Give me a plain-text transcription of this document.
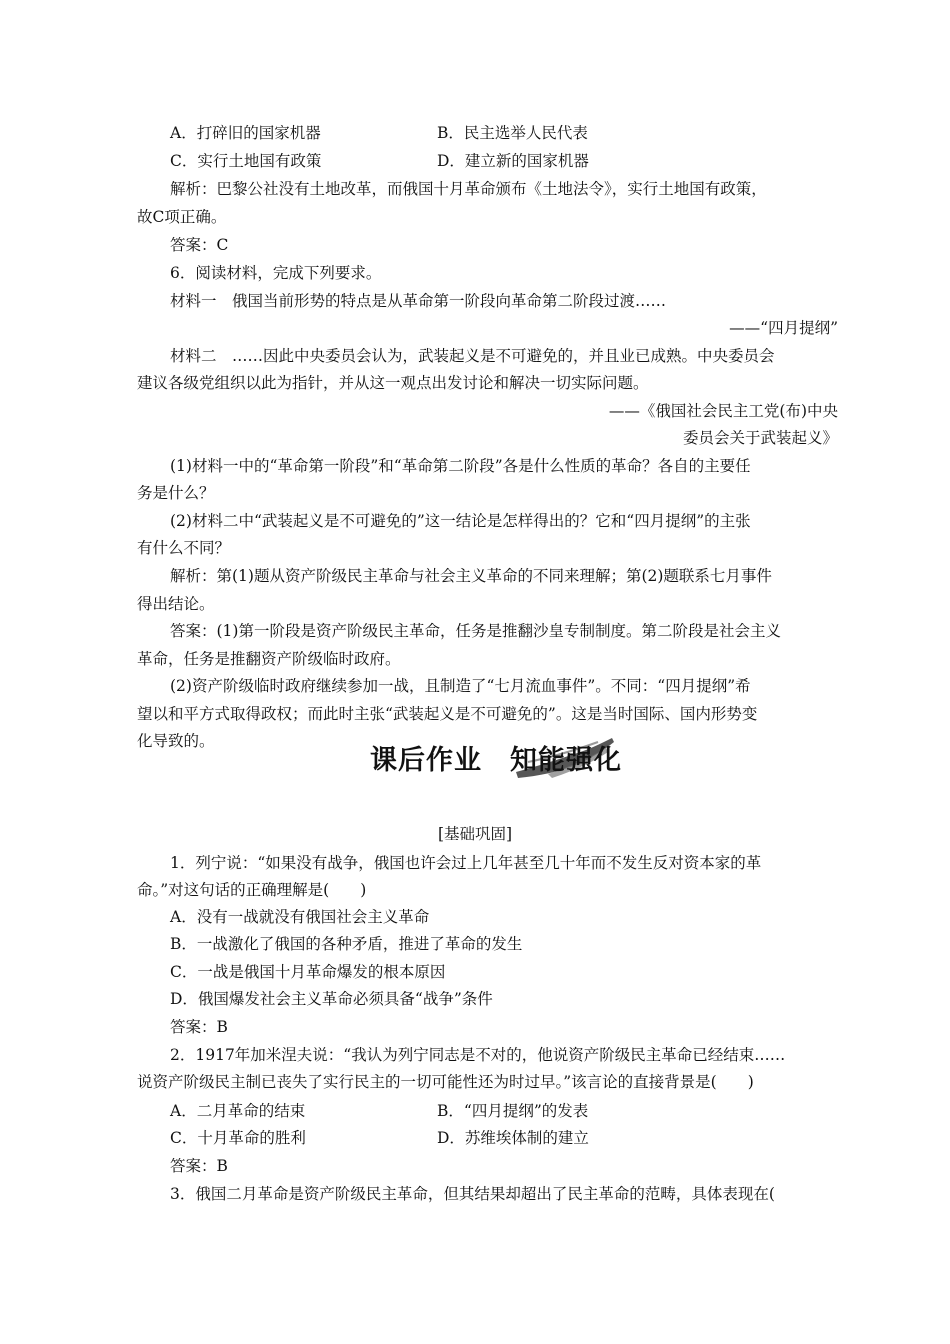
A．打碎旧的国家机器	B．民主选举人民代表
C．实行土地国有政策	D．建立新的国家机器
解析：巴黎公社没有土地改革，而俄国十月革命颁布《土地法令》，实行土地国有政策，
故C项正确。
答案：C
6．阅读材料，完成下列要求。
材料一　俄国当前形势的特点是从革命第一阶段向革命第二阶段过渡……
——“四月提纲”
材料二　……因此中央委员会认为，武装起义是不可避免的，并且业已成熟。中央委员会
建议各级党组织以此为指针，并从这一观点出发讨论和解决一切实际问题。
——《俄国社会民主工党(布)中央
委员会关于武装起义》
(1)材料一中的“革命第一阶段”和“革命第二阶段”各是什么性质的革命？各自的主要任
务是什么？
(2)材料二中“武装起义是不可避免的”这一结论是怎样得出的？它和“四月提纲”的主张
有什么不同？
解析：第(1)题从资产阶级民主革命与社会主义革命的不同来理解；第(2)题联系七月事件
得出结论。
答案：(1)第一阶段是资产阶级民主革命，任务是推翻沙皇专制制度。第二阶段是社会主义
革命，任务是推翻资产阶级临时政府。
(2)资产阶级临时政府继续参加一战，且制造了“七月流血事件”。不同：“四月提纲”希
望以和平方式取得政权；而此时主张“武装起义是不可避免的”。这是当时国际、国内形势变
化导致的。
课后作业　知能强化
[基础巩固]
1．列宁说：“如果没有战争，俄国也许会过上几年甚至几十年而不发生反对资本家的革
命。”对这句话的正确理解是(　　)
A．没有一战就没有俄国社会主义革命
B．一战激化了俄国的各种矛盾，推进了革命的发生
C．一战是俄国十月革命爆发的根本原因
D．俄国爆发社会主义革命必须具备“战争”条件
答案：B
2．1917年加米涅夫说：“我认为列宁同志是不对的，他说资产阶级民主革命已经结束……
说资产阶级民主制已丧失了实行民主的一切可能性还为时过早。”该言论的直接背景是(　　)
A．二月革命的结束	B．“四月提纲”的发表
C．十月革命的胜利	D．苏维埃体制的建立
答案：B
3．俄国二月革命是资产阶级民主革命，但其结果却超出了民主革命的范畴，具体表现在(
